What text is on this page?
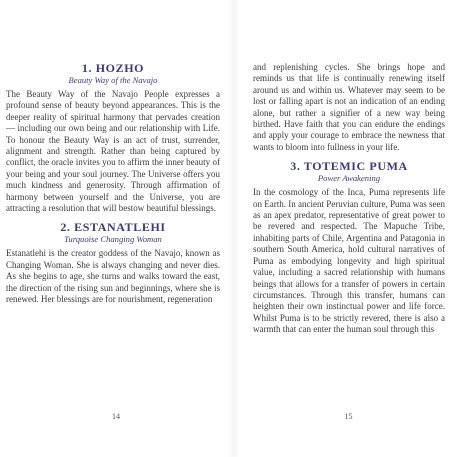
1. HOZHO
Beauty Way of the Navajo

The Beauty Way of the Navajo People expresses a profound sense of beauty beyond appearances. This is the deeper reality of spiritual harmony that pervades creation — including our own being and our relationship with Life. To honour the Beauty Way is an act of trust, surrender, alignment and strength. Rather than being captured by conflict, the oracle invites you to affirm the inner beauty of your being and your soul journey. The Universe offers you much kindness and generosity. Through affirmation of harmony between yourself and the Universe, you are attracting a resolution that will bestow beautiful blessings.

2. ESTANATLEHI
Turquoise Changing Woman

Estanatlehi is the creator goddess of the Navajo, known as Changing Woman. She is always changing and never dies. As she begins to age, she turns and walks toward the east, the direction of the rising sun and beginnings, where she is renewed. Her blessings are for nourishment, regeneration

14

and replenishing cycles. She brings hope and reminds us that life is continually renewing itself around us and within us. Whatever may seem to be lost or falling apart is not an indication of an ending alone, but rather a signifier of a new way being birthed. Have faith that you can endure the endings and apply your courage to embrace the newness that wants to bloom into fullness in your life.

3. TOTEMIC PUMA
Power Awakening

In the cosmology of the Inca, Puma represents life on Earth. In ancient Peruvian culture, Puma was seen as an apex predator, representative of great power to be revered and respected. The Mapuche Tribe, inhabiting parts of Chile, Argentina and Patagonia in southern South America, hold cultural narratives of Puma as embodying longevity and high spiritual value, including a sacred relationship with humans beings that allows for a transfer of powers in certain circumstances. Through this transfer, humans can heighten their own instinctual power and life force. Whilst Puma is to be strictly revered, there is also a warmth that can enter the human soul through this

15
